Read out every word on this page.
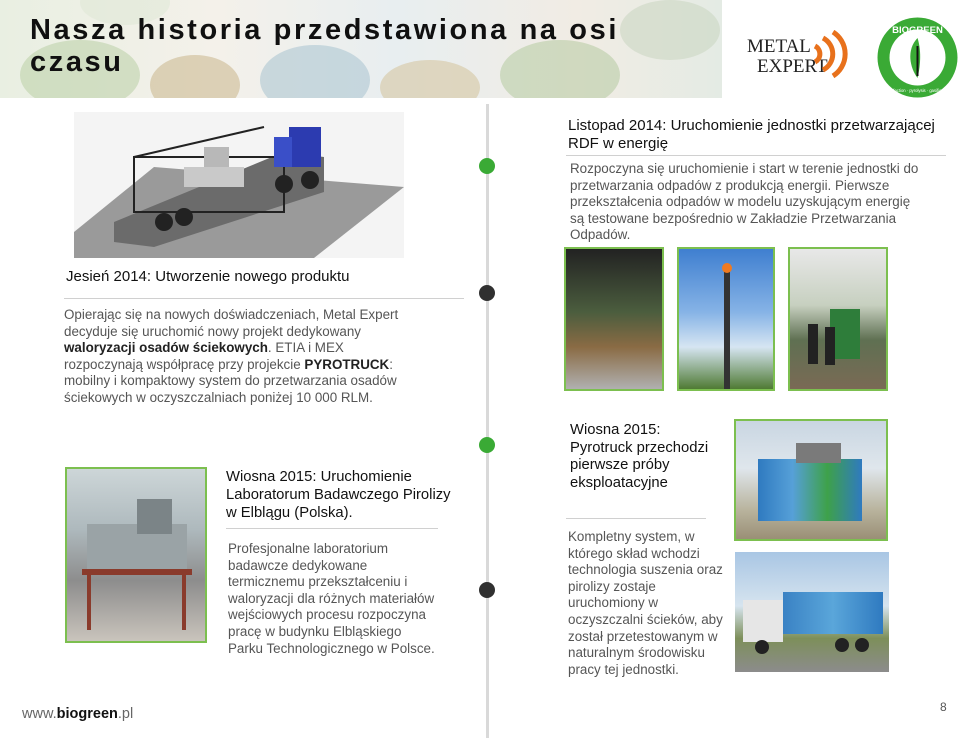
Nasza historia przedstawiona na osi czasu	METAL
EXPERT
BIOGREEN
torrefaction · pyrolysis · gasification
Listopad 2014: Uruchomienie jednostki przetwarzającej RDF w energię
Rozpoczyna się uruchomienie i start w terenie jednostki do przetwarzania odpadów z produkcją energii. Pierwsze przekształcenia odpadów w modelu uzyskującym energię są testowane bezpośrednio w Zakładzie Przetwarzania Odpadów.
Jesień 2014: Utworzenie nowego produktu
Opierając się na nowych doświadczeniach, Metal Expert decyduje się uruchomić nowy projekt dedykowany waloryzacji osadów ściekowych. ETIA i MEX rozpoczynają współpracę przy projekcie PYROTRUCK: mobilny i kompaktowy system do przetwarzania osadów ściekowych w oczyszczalniach poniżej 10 000 RLM.
Wiosna 2015: Uruchomienie Laboratorum Badawczego Pirolizy w Elblągu (Polska).
Profesjonalne laboratorium badawcze dedykowane termicznemu przekształceniu i waloryzacji dla różnych materiałów wejściowych procesu rozpoczyna pracę w budynku Elbląskiego Parku Technologicznego w Polsce.
Wiosna 2015: Pyrotruck przechodzi pierwsze próby eksploatacyjne
Kompletny system, w którego skład wchodzi technologia suszenia oraz pirolizy zostaje uruchomiony w oczyszczalni ścieków, aby został przetestowanym w naturalnym środowisku pracy tej jednostki.
www.biogreen.pl	8
